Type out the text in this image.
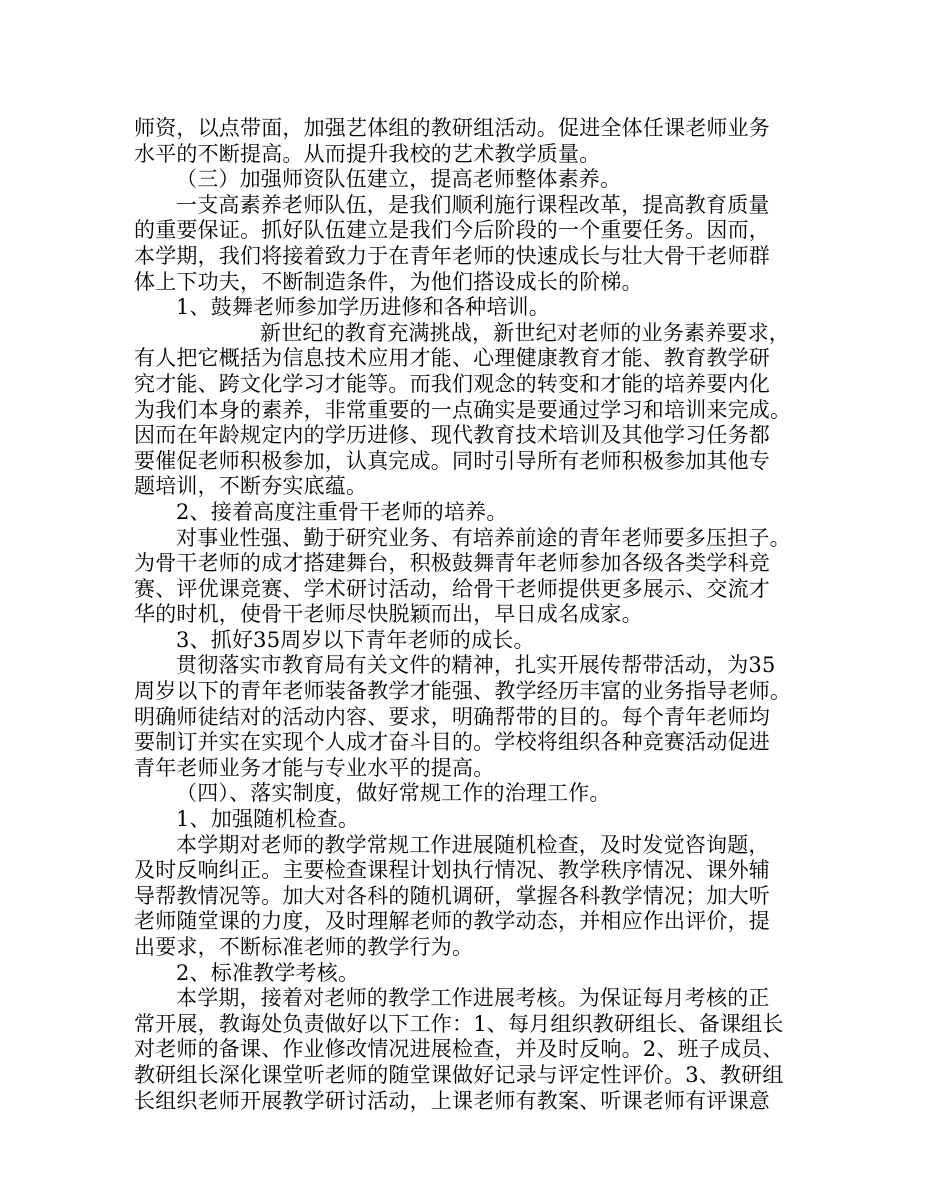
师资，以点带面，加强艺体组的教研组活动。促进全体任课老师业务
水平的不断提高。从而提升我校的艺术教学质量。
（三）加强师资队伍建立，提高老师整体素养。
一支高素养老师队伍，是我们顺利施行课程改革，提高教育质量
的重要保证。抓好队伍建立是我们今后阶段的一个重要任务。因而，
本学期，我们将接着致力于在青年老师的快速成长与壮大骨干老师群
体上下功夫，不断制造条件，为他们搭设成长的阶梯。
1、鼓舞老师参加学历进修和各种培训。
新世纪的教育充满挑战，新世纪对老师的业务素养要求，
有人把它概括为信息技术应用才能、心理健康教育才能、教育教学研
究才能、跨文化学习才能等。而我们观念的转变和才能的培养要内化
为我们本身的素养，非常重要的一点确实是要通过学习和培训来完成。
因而在年龄规定内的学历进修、现代教育技术培训及其他学习任务都
要催促老师积极参加，认真完成。同时引导所有老师积极参加其他专
题培训，不断夯实底蕴。
2、接着高度注重骨干老师的培养。
对事业性强、勤于研究业务、有培养前途的青年老师要多压担子。
为骨干老师的成才搭建舞台，积极鼓舞青年老师参加各级各类学科竞
赛、评优课竞赛、学术研讨活动，给骨干老师提供更多展示、交流才
华的时机，使骨干老师尽快脱颖而出，早日成名成家。
3、抓好35周岁以下青年老师的成长。
贯彻落实市教育局有关文件的精神，扎实开展传帮带活动，为35
周岁以下的青年老师装备教学才能强、教学经历丰富的业务指导老师。
明确师徒结对的活动内容、要求，明确帮带的目的。每个青年老师均
要制订并实在实现个人成才奋斗目的。学校将组织各种竞赛活动促进
青年老师业务才能与专业水平的提高。
（四）、落实制度，做好常规工作的治理工作。
1、加强随机检查。
本学期对老师的教学常规工作进展随机检查，及时发觉咨询题，
及时反响纠正。主要检查课程计划执行情况、教学秩序情况、课外辅
导帮教情况等。加大对各科的随机调研，掌握各科教学情况；加大听
老师随堂课的力度，及时理解老师的教学动态，并相应作出评价，提
出要求，不断标准老师的教学行为。
2、标准教学考核。
本学期，接着对老师的教学工作进展考核。为保证每月考核的正
常开展，教诲处负责做好以下工作：1、每月组织教研组长、备课组长
对老师的备课、作业修改情况进展检查，并及时反响。2、班子成员、
教研组长深化课堂听老师的随堂课做好记录与评定性评价。3、教研组
长组织老师开展教学研讨活动，上课老师有教案、听课老师有评课意
